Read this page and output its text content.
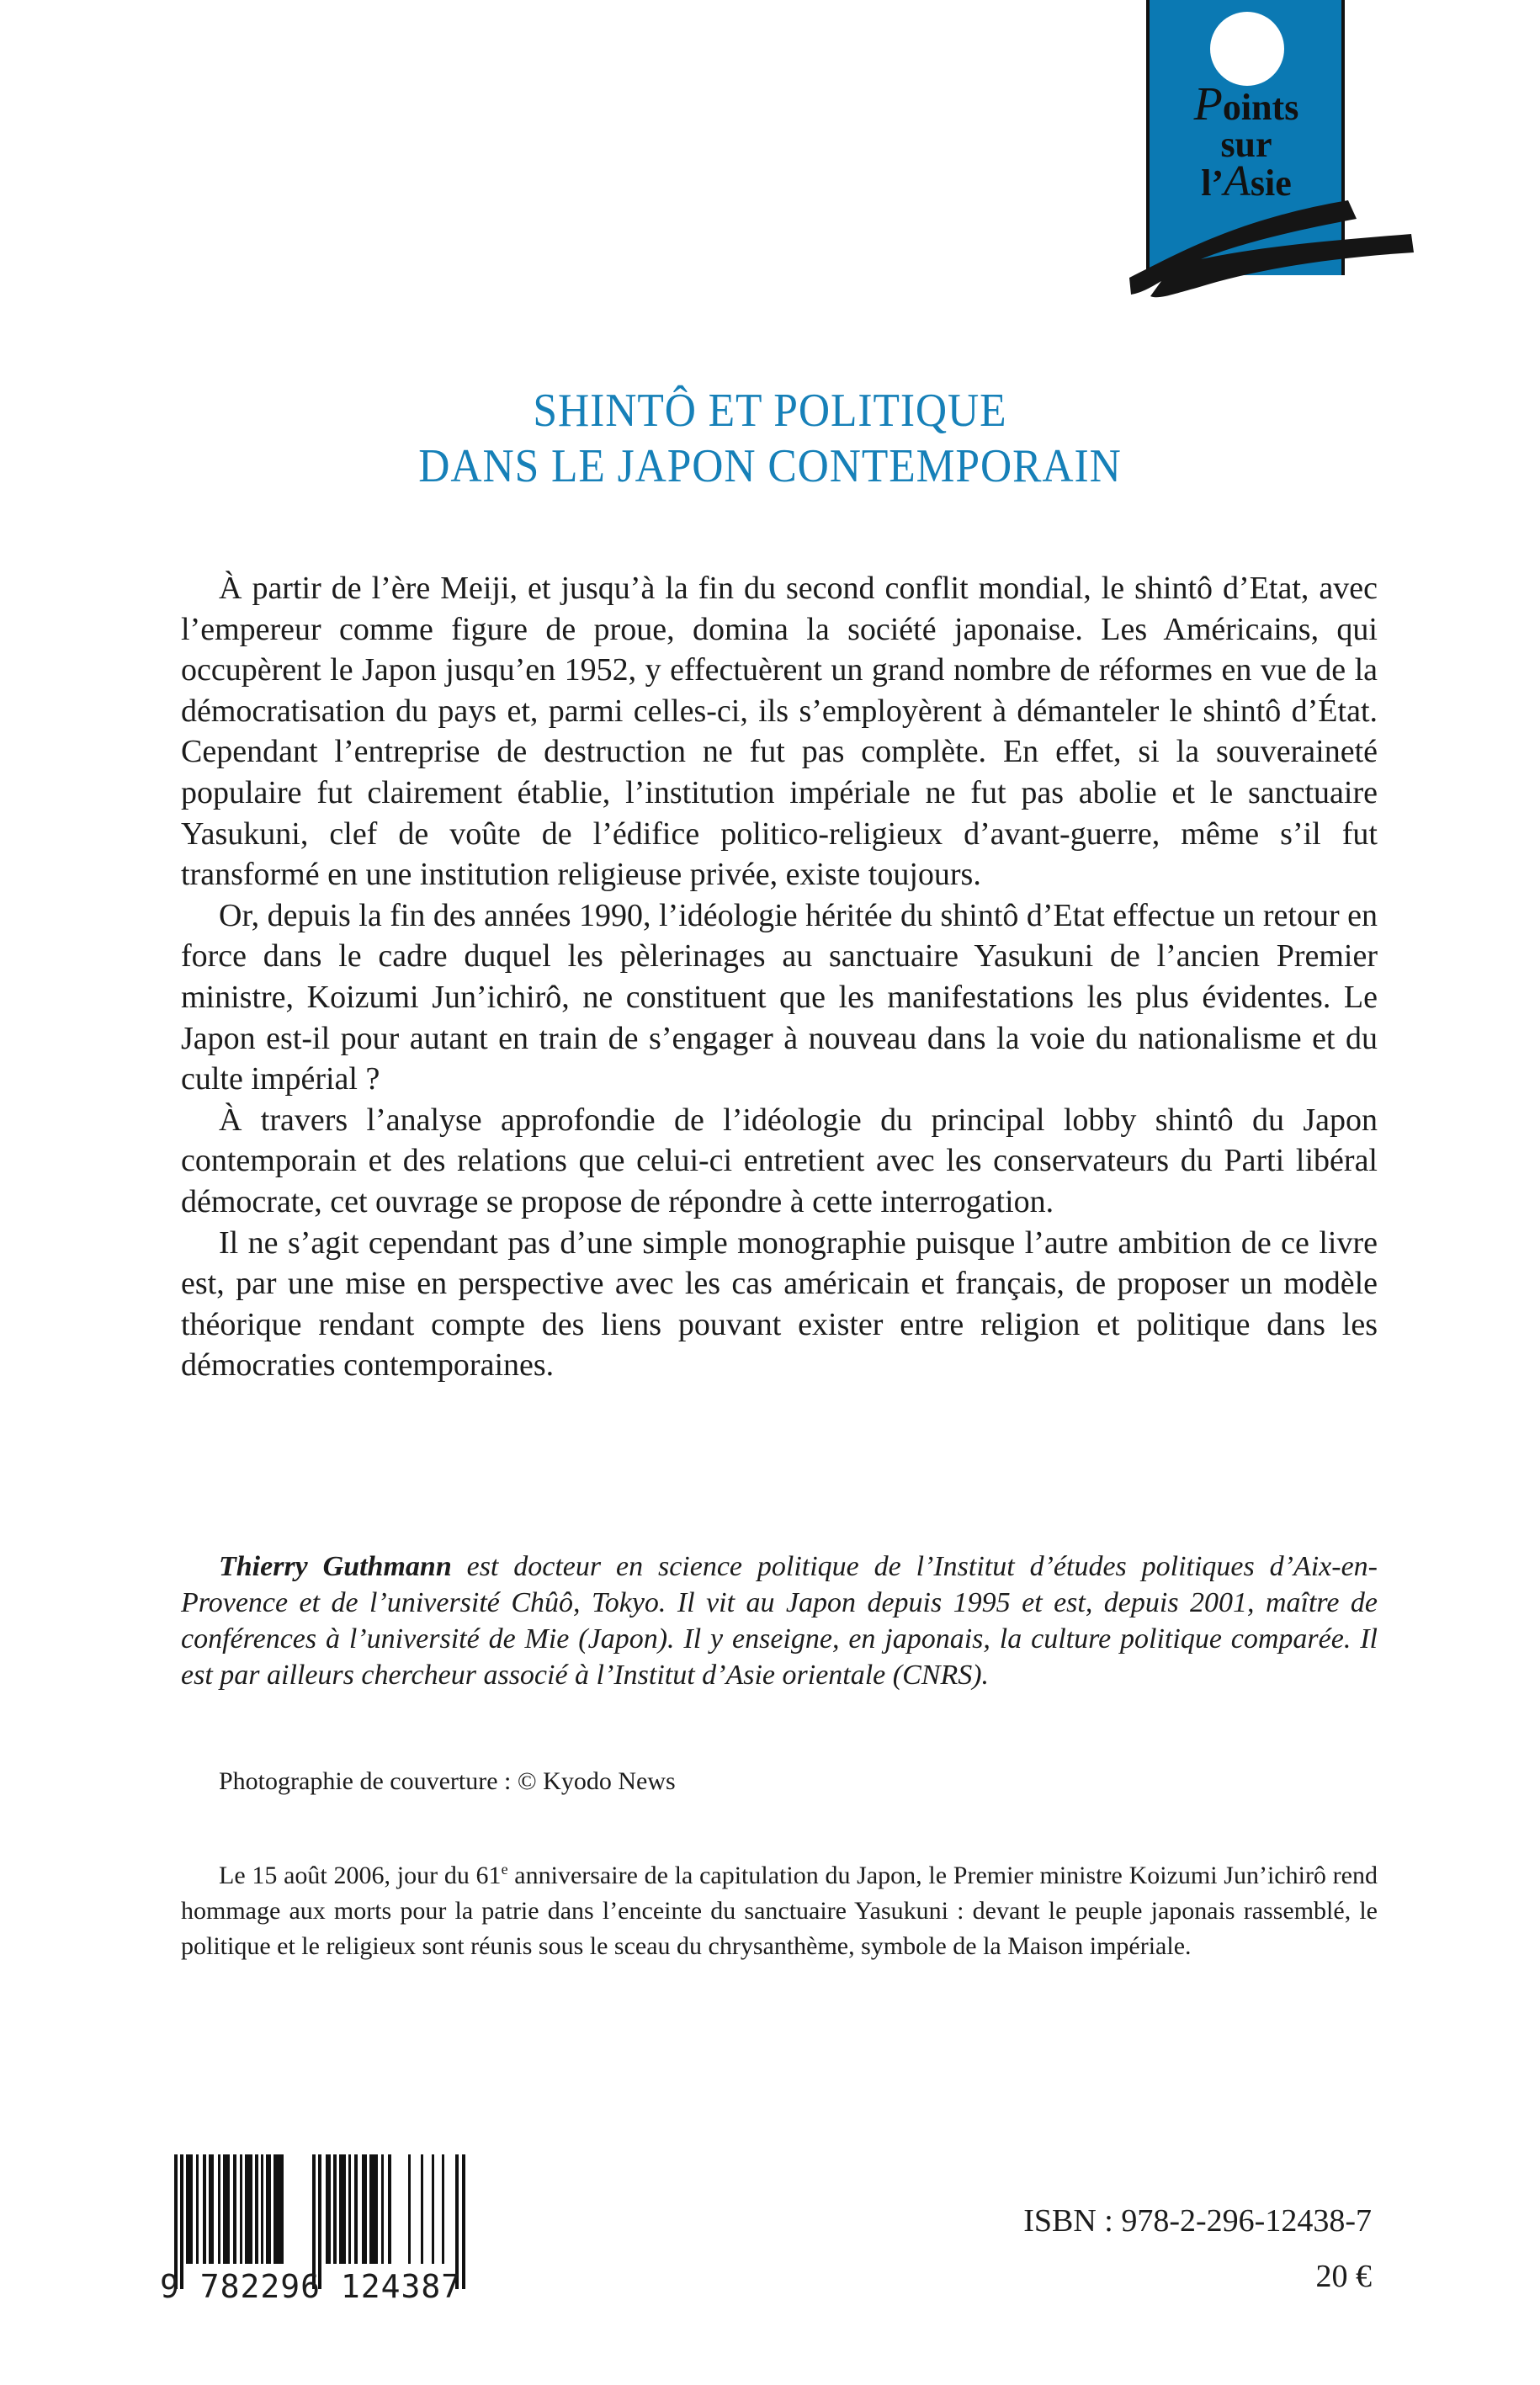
Points
sur
l’Asie
SHINTÔ ET POLITIQUE
DANS LE JAPON CONTEMPORAIN

À partir de l’ère Meiji, et jusqu’à la fin du second conflit mondial, le shintô d’Etat, avec l’empereur comme figure de proue, domina la société japonaise. Les Américains, qui occupèrent le Japon jusqu’en 1952, y effectuèrent un grand nombre de réformes en vue de la démocratisation du pays et, parmi celles-ci, ils s’employèrent à démanteler le shintô d’État. Cependant l’entreprise de destruction ne fut pas complète. En effet, si la souveraineté populaire fut clairement établie, l’institution impériale ne fut pas abolie et le sanctuaire Yasukuni, clef de voûte de l’édifice politico-religieux d’avant-guerre, même s’il fut transformé en une institution religieuse privée, existe toujours.

Or, depuis la fin des années 1990, l’idéologie héritée du shintô d’Etat effectue un retour en force dans le cadre duquel les pèlerinages au sanctuaire Yasukuni de l’ancien Premier ministre, Koizumi Jun’ichirô, ne constituent que les manifestations les plus évidentes. Le Japon est-il pour autant en train de s’engager à nouveau dans la voie du nationalisme et du culte impérial ?

À travers l’analyse approfondie de l’idéologie du principal lobby shintô du Japon contemporain et des relations que celui-ci entretient avec les conservateurs du Parti libéral démocrate, cet ouvrage se propose de répondre à cette interrogation.

Il ne s’agit cependant pas d’une simple monographie puisque l’autre ambition de ce livre est, par une mise en perspective avec les cas américain et français, de proposer un modèle théorique rendant compte des liens pouvant exister entre religion et politique dans les démocraties contemporaines.

Thierry Guthmann est docteur en science politique de l’Institut d’études politiques d’Aix-en-Provence et de l’université Chûô, Tokyo. Il vit au Japon depuis 1995 et est, depuis 2001, maître de conférences à l’université de Mie (Japon). Il y enseigne, en japonais, la culture politique comparée. Il est par ailleurs chercheur associé à l’Institut d’Asie orientale (CNRS).

Photographie de couverture : © Kyodo News

Le 15 août 2006, jour du 61e anniversaire de la capitulation du Japon, le Premier ministre Koizumi Jun’ichirô rend hommage aux morts pour la patrie dans l’enceinte du sanctuaire Yasukuni : devant le peuple japonais rassemblé, le politique et le religieux sont réunis sous le sceau du chrysanthème, symbole de la Maison impériale.

9 782296 124387
ISBN : 978-2-296-12438-7
20 €
